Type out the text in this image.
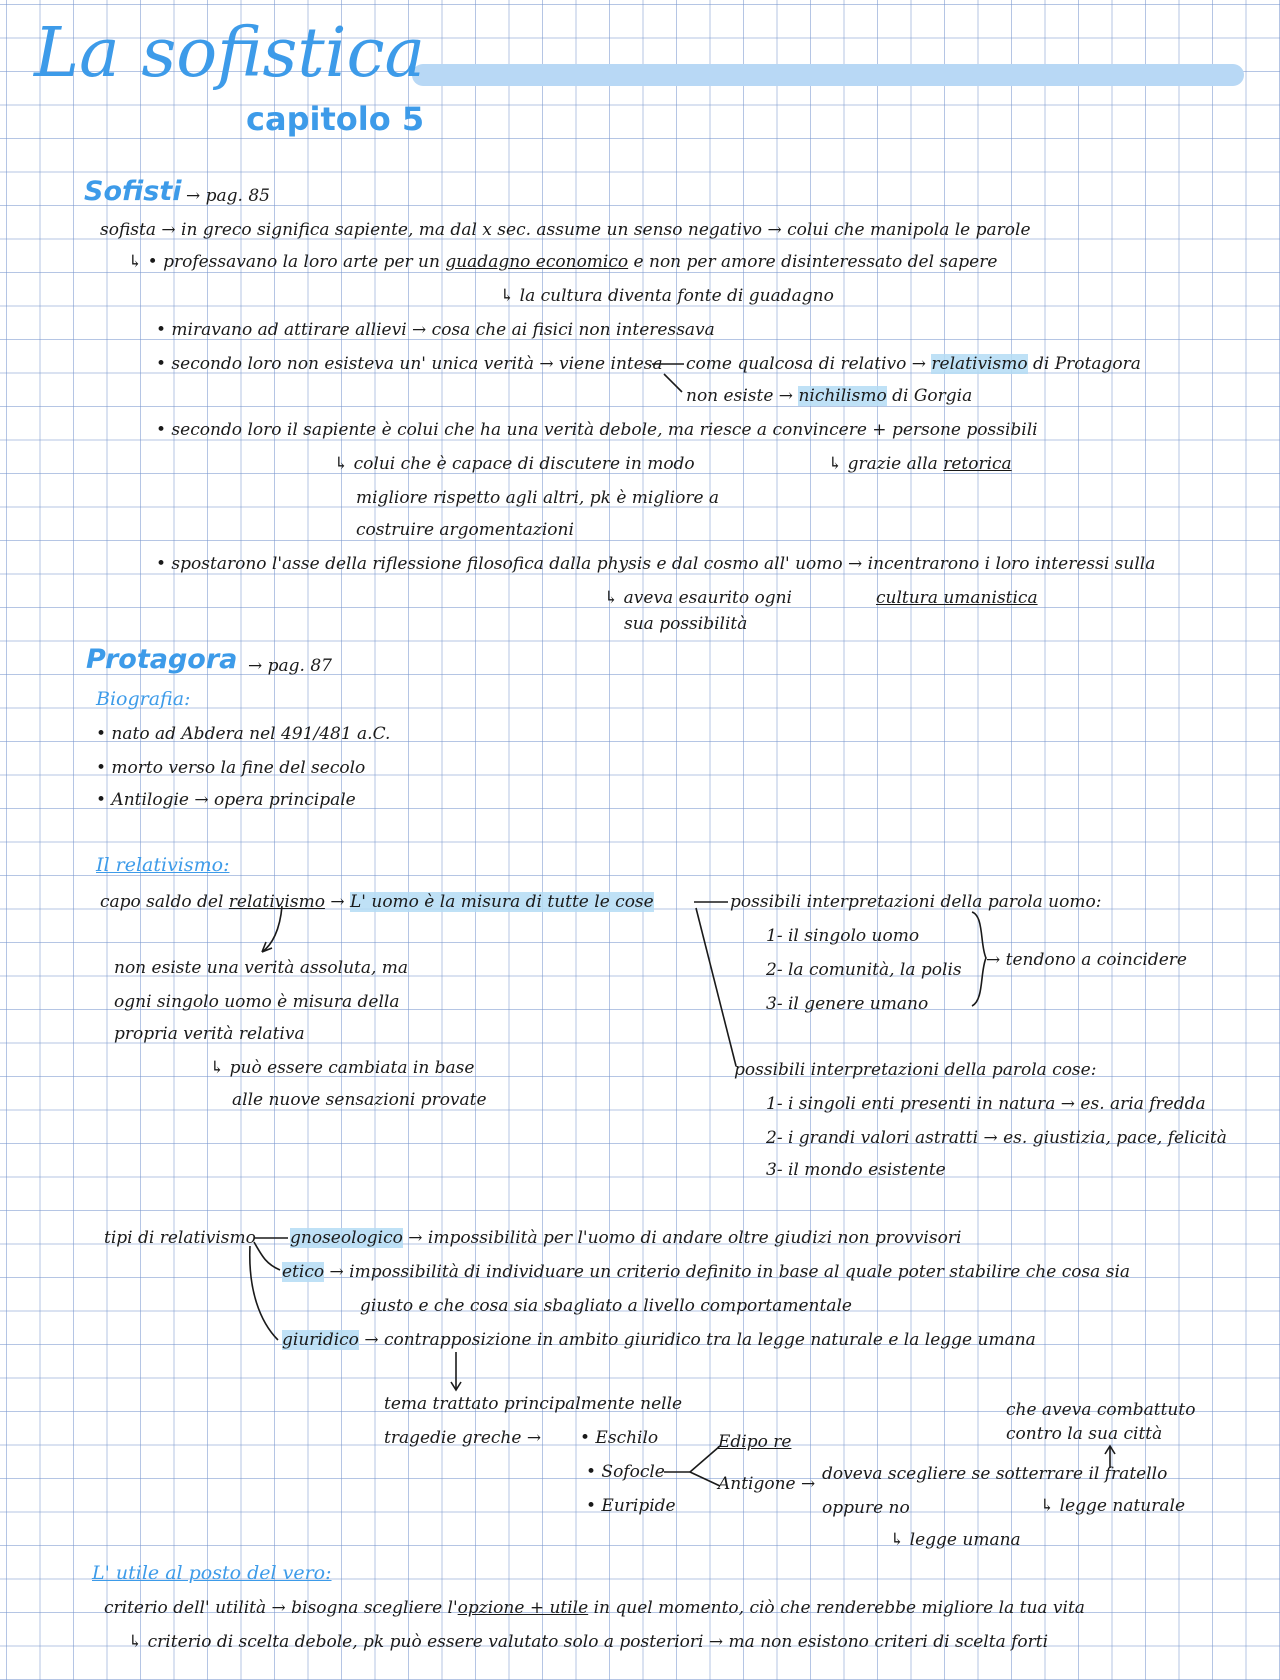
La sofistica
capitolo 5
Sofisti → pag. 85
sofista → in greco significa sapiente, ma dal x sec. assume un senso negativo → colui che manipola le parole
↳ • professavano la loro arte per un guadagno economico e non per amore disinteressato del sapere
↳ la cultura diventa fonte di guadagno
• miravano ad attirare allievi → cosa che ai fisici non interessava
• secondo loro non esisteva un' unica verità → viene intesa come qualcosa di relativo → relativismo di Protagora
non esiste → nichilismo di Gorgia
• secondo loro il sapiente è colui che ha una verità debole, ma riesce a convincere + persone possibili
↳ colui che è capace di discutere in modo	↳ grazie alla retorica
migliore rispetto agli altri, pk è migliore a
costruire argomentazioni
• spostarono l'asse della riflessione filosofica dalla physis e dal cosmo all' uomo → incentrarono i loro interessi sulla
↳ aveva esaurito ogni	cultura umanistica
sua possibilità
Protagora → pag. 87
Biografia:
• nato ad Abdera nel 491/481 a.C.
• morto verso la fine del secolo
• Antilogie → opera principale
Il relativismo:
capo saldo del relativismo → L' uomo è la misura di tutte le cose
non esiste una verità assoluta, ma
ogni singolo uomo è misura della
propria verità relativa
↳ può essere cambiata in base
alle nuove sensazioni provate
possibili interpretazioni della parola uomo:
1- il singolo uomo
2- la comunità, la polis
3- il genere umano
→ tendono a coincidere
possibili interpretazioni della parola cose:
1- i singoli enti presenti in natura → es. aria fredda
2- i grandi valori astratti → es. giustizia, pace, felicità
3- il mondo esistente
tipi di relativismo gnoseologico → impossibilità per l'uomo di andare oltre giudizi non provvisori
etico → impossibilità di individuare un criterio definito in base al quale poter stabilire che cosa sia
giusto e che cosa sia sbagliato a livello comportamentale
giuridico → contrapposizione in ambito giuridico tra la legge naturale e la legge umana
tema trattato principalmente nelle
tragedie greche → • Eschilo
• Sofocle
• Euripide
Edipo re
Antigone →
che aveva combattuto
contro la sua città
doveva scegliere se sotterrare il fratello
oppure no	↳ legge naturale
↳ legge umana
L' utile al posto del vero:
criterio dell' utilità → bisogna scegliere l'opzione + utile in quel momento, ciò che renderebbe migliore la tua vita
↳ criterio di scelta debole, pk può essere valutato solo a posteriori → ma non esistono criteri di scelta forti
